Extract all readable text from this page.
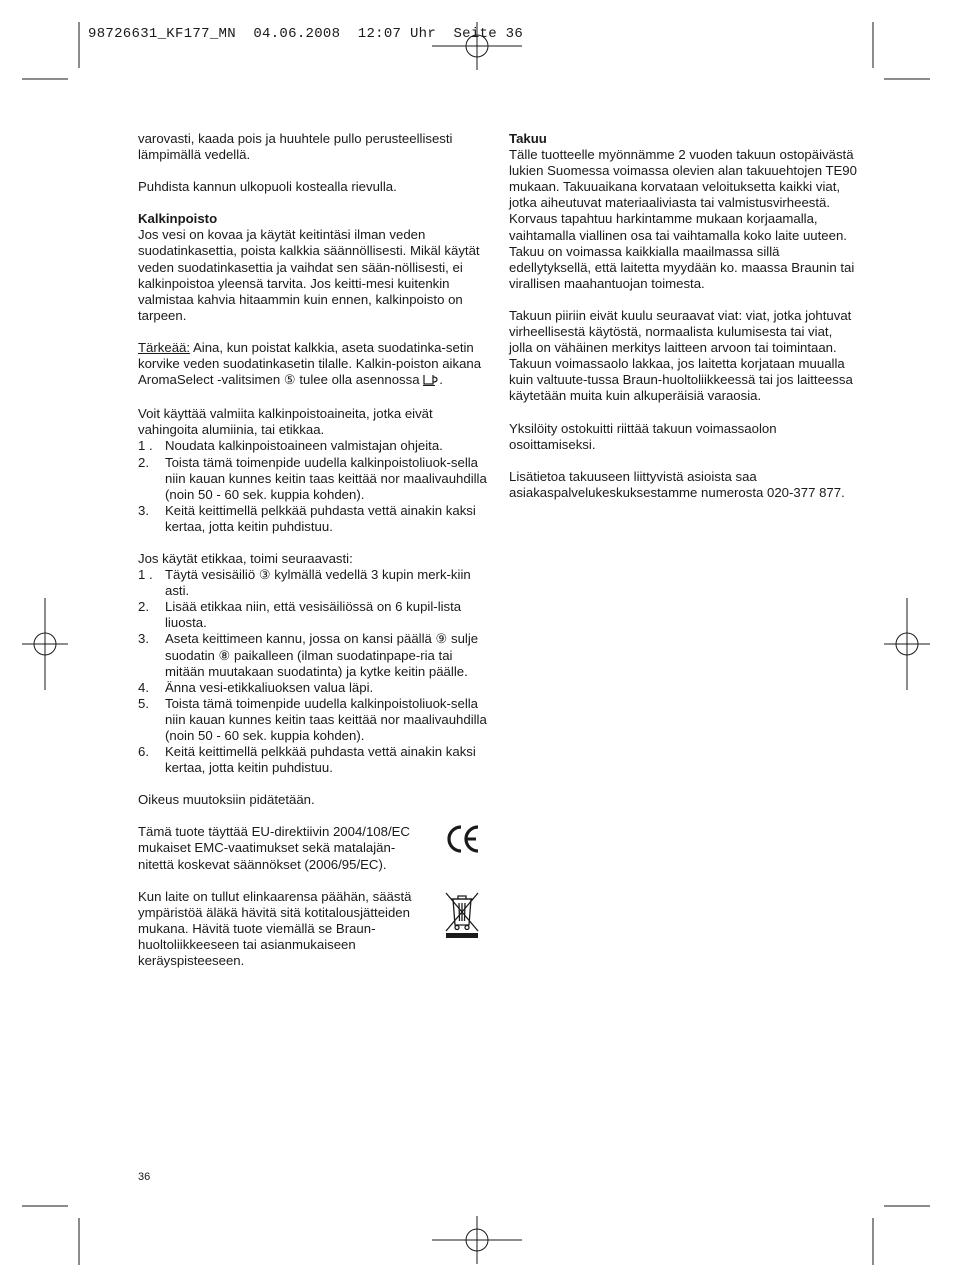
98726631_KF177_MN  04.06.2008  12:07 Uhr  Seite 36

varovasti, kaada pois ja huuhtele pullo perusteellisesti lämpimällä vedellä.

Puhdista kannun ulkopuoli kostealla rievulla.

Kalkinpoisto

Jos vesi on kovaa ja käytät keitintäsi ilman veden suodatinkasettia, poista kalkkia säännöllisesti. Mikäl käytät veden suodatinkasettia ja vaihdat sen sään-nöllisesti, ei kalkinpoistoa yleensä tarvita. Jos keitti-mesi kuitenkin valmistaa kahvia hitaammin kuin ennen, kalkinpoisto on tarpeen.

Tärkeää: Aina, kun poistat kalkkia, aseta suodatinka-setin korvike veden suodatinkasetin tilalle. Kalkin-poiston aikana AromaSelect -valitsimen ⑤ tulee olla asennossa .

Voit käyttää valmiita kalkinpoistoaineita, jotka eivät vahingoita alumiinia, tai etikkaa.

1 . Noudata kalkinpoistoaineen valmistajan ohjeita.
2. Toista tämä toimenpide uudella kalkinpoistoliuok-sella niin kauan kunnes keitin taas keittää nor maalivauhdilla (noin 50 - 60 sek. kuppia kohden).
3. Keitä keittimellä pelkkää puhdasta vettä ainakin kaksi kertaa, jotta keitin puhdistuu.

Jos käytät etikkaa, toimi seuraavasti:

1 . Täytä vesisäiliö ③ kylmällä vedellä 3 kupin merk-kiin asti.
2. Lisää etikkaa niin, että vesisäiliössä on 6 kupil-lista liuosta.
3. Aseta keittimeen kannu, jossa on kansi päällä ⑨ sulje suodatin ⑧ paikalleen (ilman suodatinpape-ria tai mitään muutakaan suodatinta) ja kytke keitin päälle.
4. Änna vesi-etikkaliuoksen valua läpi.
5. Toista tämä toimenpide uudella kalkinpoistoliuok-sella niin kauan kunnes keitin taas keittää nor maalivauhdilla (noin 50 - 60 sek. kuppia kohden).
6. Keitä keittimellä pelkkää puhdasta vettä ainakin kaksi kertaa, jotta keitin puhdistuu.

Oikeus muutoksiin pidätetään.

Tämä tuote täyttää EU-direktiivin 2004/108/EC mukaiset EMC-vaatimukset sekä matalajän-nitettä koskevat säännökset (2006/95/EC).
Kun laite on tullut elinkaarensa päähän, säästä ympäristöä äläkä hävitä sitä kotitalousjätteiden mukana. Hävitä tuote viemällä se Braun-huoltoliikkeeseen tai asianmukaiseen keräyspisteeseen.
Takuu

Tälle tuotteelle myönnämme 2 vuoden takuun ostopäivästä lukien Suomessa voimassa olevien alan takuuehtojen TE90 mukaan. Takuuaikana korvataan veloituksetta kaikki viat, jotka aiheutuvat materiaaliviasta tai valmistusvirheestä. Korvaus tapahtuu harkintamme mukaan korjaamalla, vaihtamalla viallinen osa tai vaihtamalla koko laite uuteen. Takuu on voimassa kaikkialla maailmassa sillä edellytyksellä, että laitetta myydään ko. maassa Braunin tai virallisen maahantuojan toimesta.

Takuun piiriin eivät kuulu seuraavat viat: viat, jotka johtuvat virheellisestä käytöstä, normaalista kulumisesta tai viat, jolla on vähäinen merkitys laitteen arvoon tai toimintaan. Takuun voimassaolo lakkaa, jos laitetta korjataan muualla kuin valtuute-tussa Braun-huoltoliikkeessä tai jos laitteessa käytetään muita kuin alkuperäisiä varaosia.

Yksilöity ostokuitti riittää takuun voimassaolon osoittamiseksi.

Lisätietoa takuuseen liittyvistä asioista saa asiakaspalvelukeskuksestamme numerosta 020-377 877.

36
